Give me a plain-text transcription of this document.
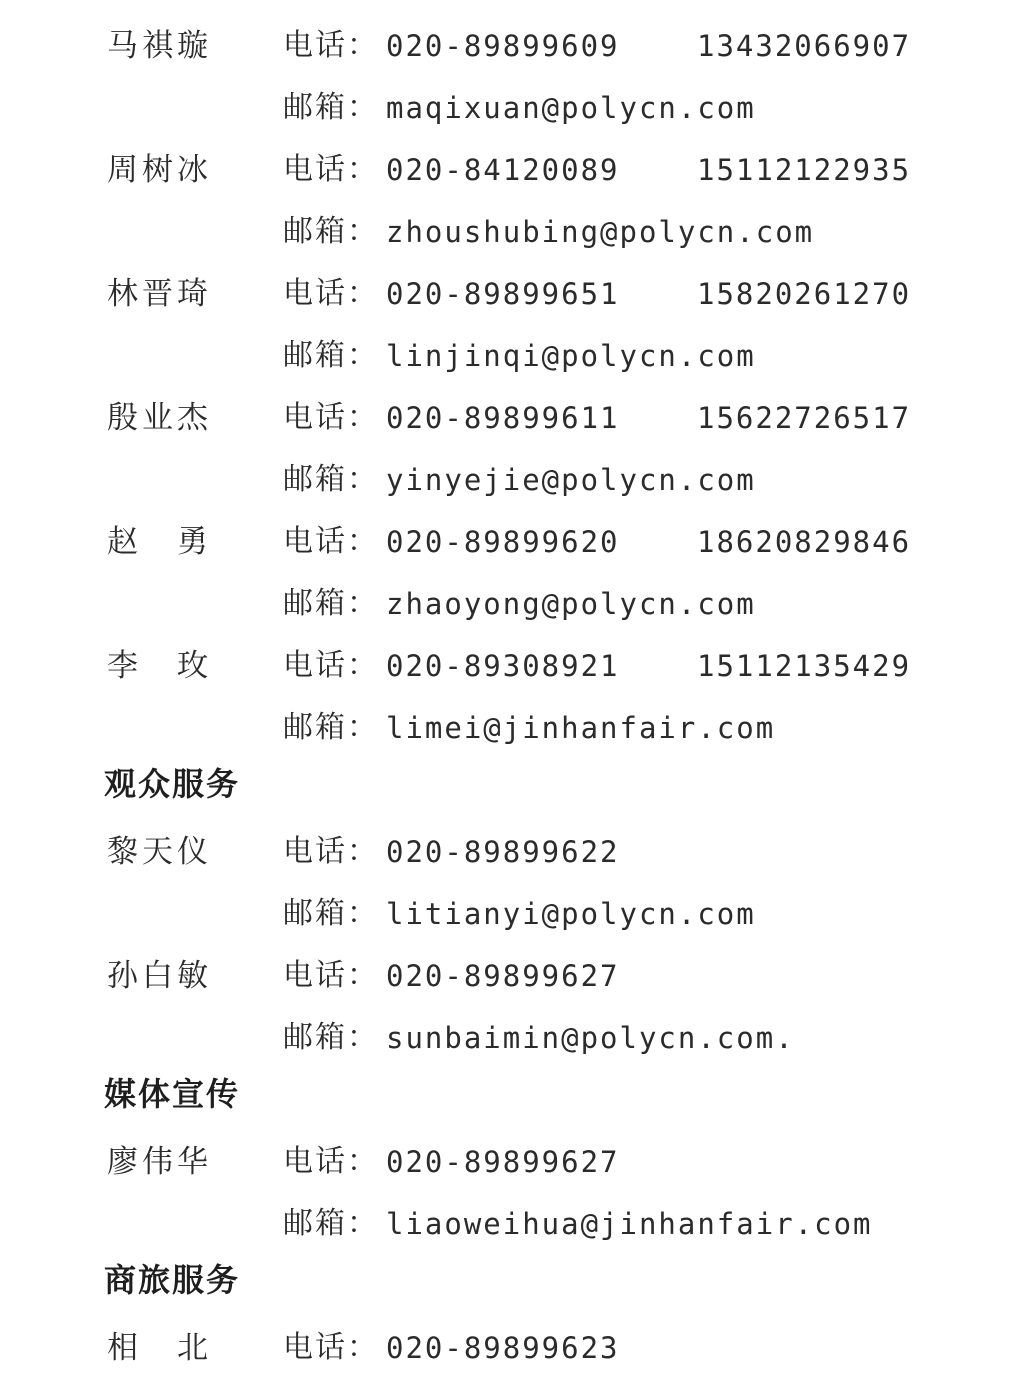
马祺璇 电话： 020-89899609	13432066907
邮箱： maqixuan@polycn.com
周树冰 电话： 020-84120089	15112122935
邮箱： zhoushubing@polycn.com
林晋琦 电话： 020-89899651	15820261270
邮箱： linjinqi@polycn.com
殷业杰 电话： 020-89899611	15622726517
邮箱： yinyejie@polycn.com
赵　勇 电话： 020-89899620	18620829846
邮箱： zhaoyong@polycn.com
李　玫 电话： 020-89308921	15112135429
邮箱： limei@jinhanfair.com
观众服务
黎天仪 电话： 020-89899622
邮箱： litianyi@polycn.com
孙白敏 电话： 020-89899627
邮箱： sunbaimin@polycn.com.
媒体宣传
廖伟华 电话： 020-89899627
邮箱： liaoweihua@jinhanfair.com
商旅服务
相　北 电话： 020-89899623
